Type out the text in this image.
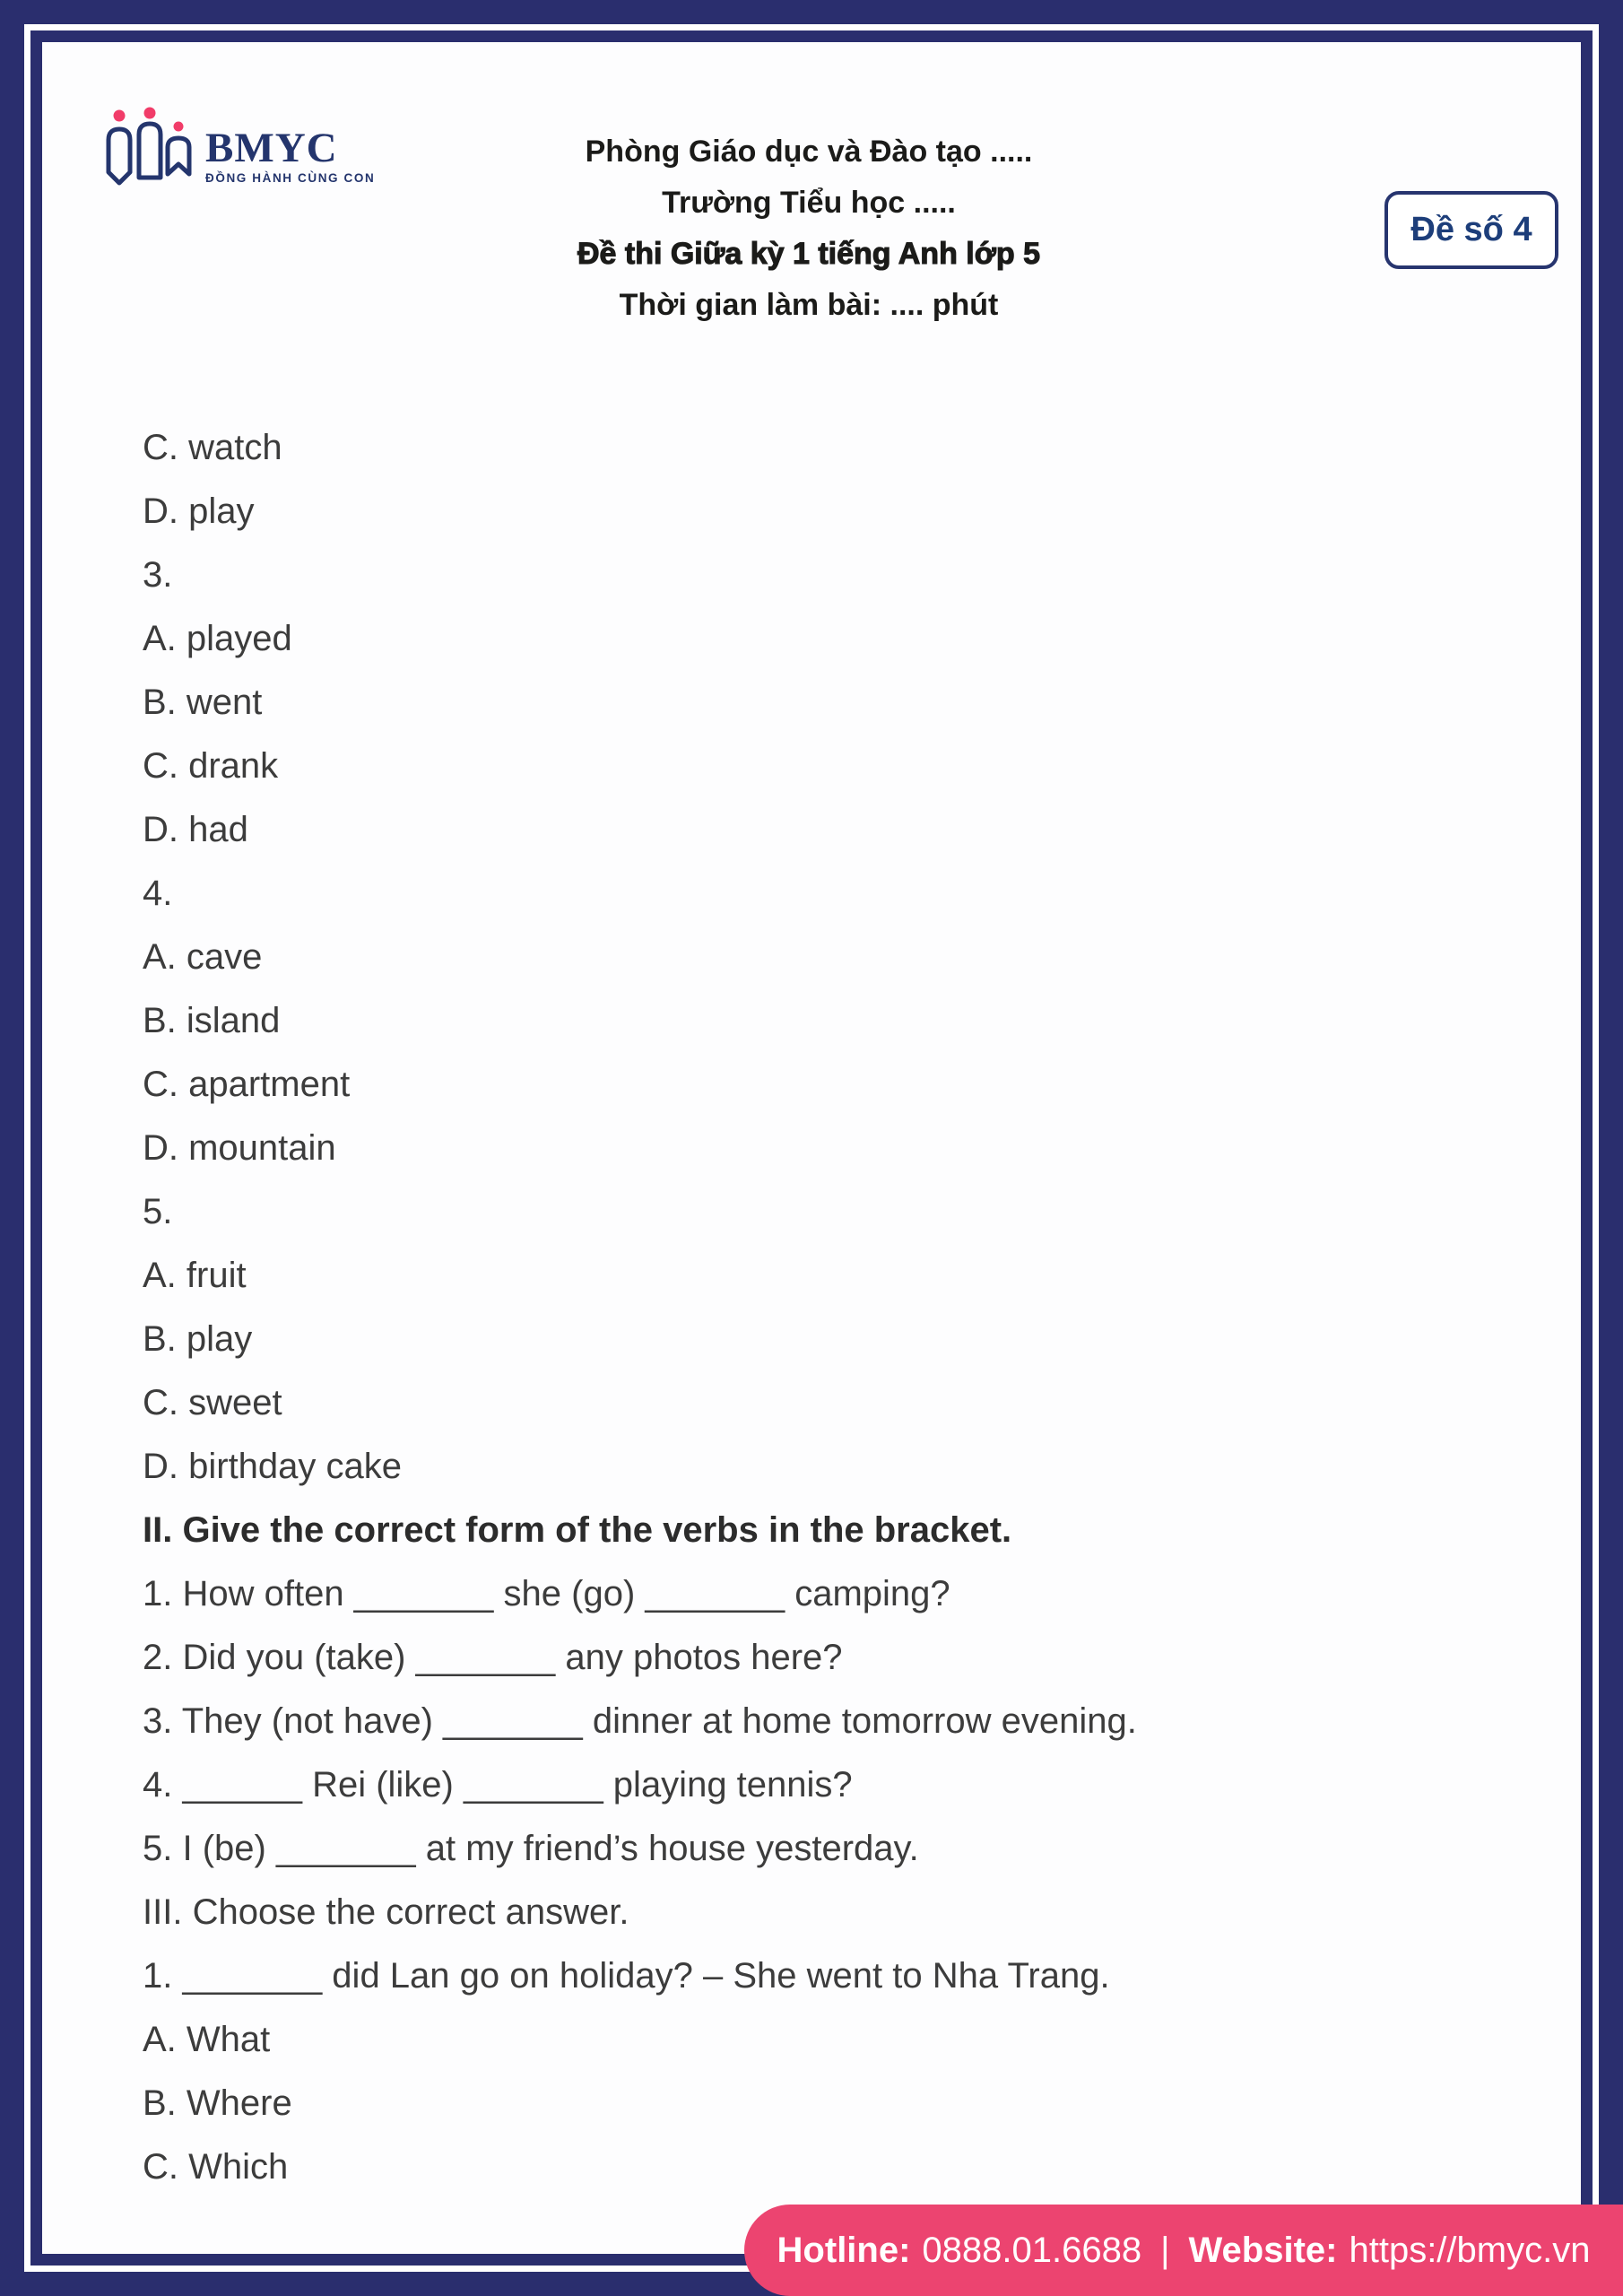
BMYC
ĐỒNG HÀNH CÙNG CON
Phòng Giáo dục và Đào tạo .....
Trường Tiểu học .....
Đề thi Giữa kỳ 1 tiếng Anh lớp 5
Thời gian làm bài: .... phút
Đề số 4
C. watch
D. play
3.
A. played
B. went
C. drank
D. had
4.
A. cave
B. island
C. apartment
D. mountain
5.
A. fruit
B. play
C. sweet
D. birthday cake
II. Give the correct form of the verbs in the bracket.
1. How often _______ she (go) _______ camping?
2. Did you (take) _______ any photos here?
3. They (not have) _______ dinner at home tomorrow evening.
4. ______ Rei (like) _______ playing tennis?
5. I (be) _______ at my friend’s house yesterday.
III. Choose the correct answer.
1. _______ did Lan go on holiday? – She went to Nha Trang.
A. What
B. Where
C. Which
Hotline: 0888.01.6688 | Website: https://bmyc.vn
